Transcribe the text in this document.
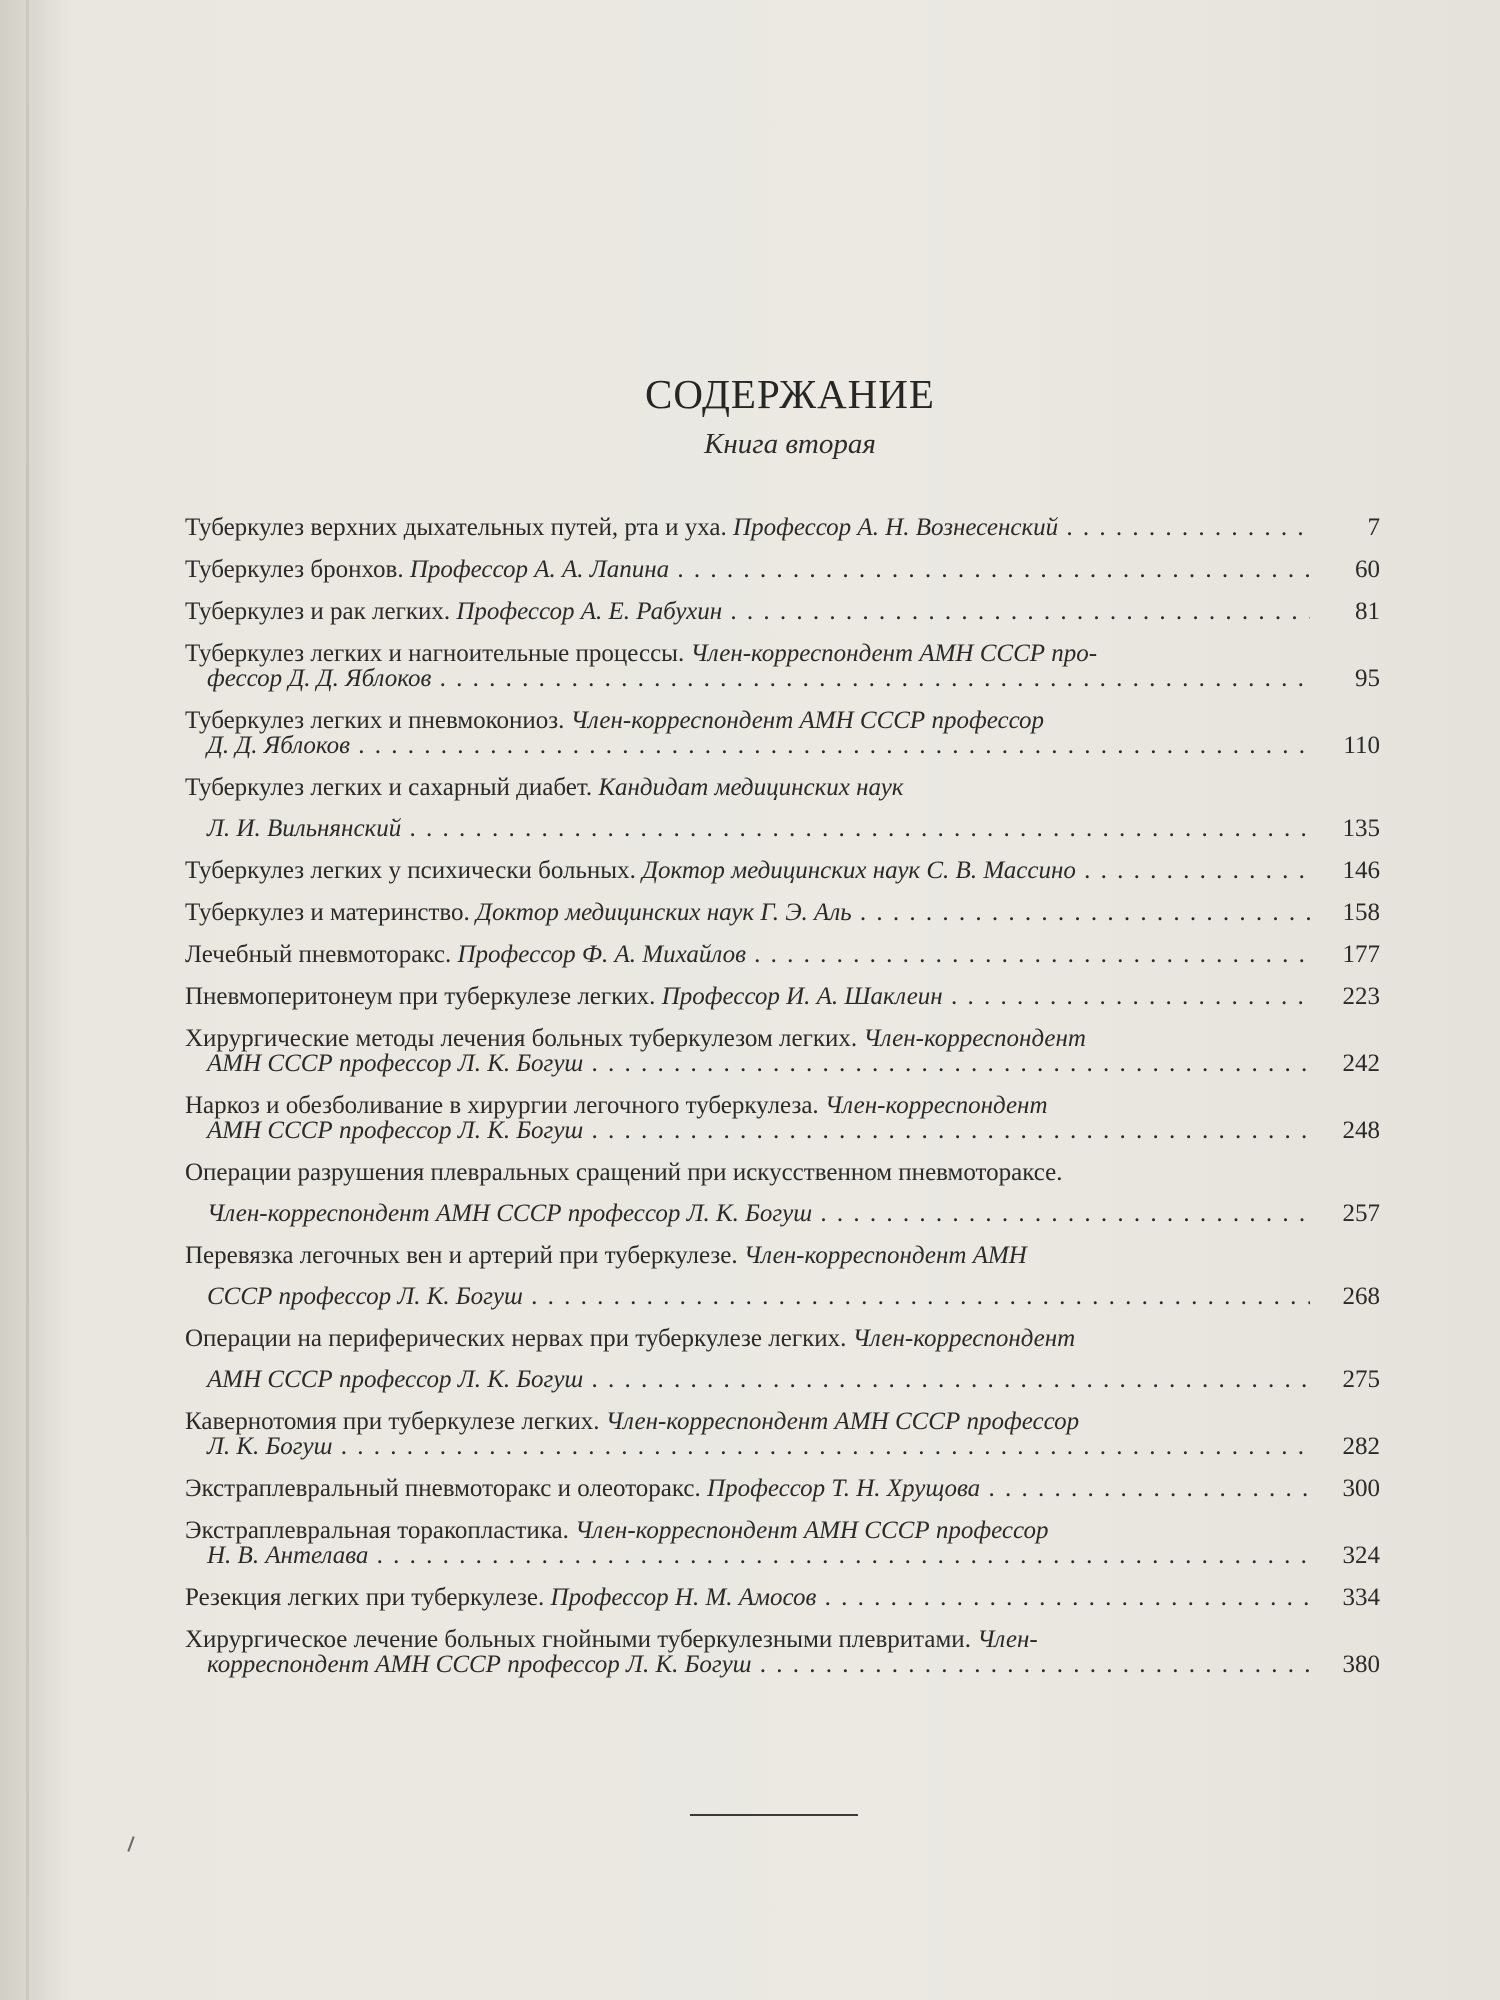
СОДЕРЖАНИЕ
Книга вторая
Туберкулез верхних дыхательных путей, рта и уха. Профессор А. Н. Вознесенский . . .	7
Туберкулез бронхов. Профессор А. А. Лапина . . .	60
Туберкулез и рак легких. Профессор А. Е. Рабухин . . .	81
Туберкулез легких и нагноительные процессы. Член-корреспондент АМН СССР про-
фессор Д. Д. Яблоков . . .	95
Туберкулез легких и пневмокониоз. Член-корреспондент АМН СССР профессор
Д. Д. Яблоков . . .	110
Туберкулез легких и сахарный диабет. Кандидат медицинских наук
Л. И. Вильнянский . . .	135
Туберкулез легких у психически больных. Доктор медицинских наук С. В. Массино . . .	146
Туберкулез и материнство. Доктор медицинских наук Г. Э. Аль . . .	158
Лечебный пневмоторакс. Профессор Ф. А. Михайлов . . .	177
Пневмоперитонеум при туберкулезе легких. Профессор И. А. Шаклеин . . .	223
Хирургические методы лечения больных туберкулезом легких. Член-корреспондент
АМН СССР профессор Л. К. Богуш . . .	242
Наркоз и обезболивание в хирургии легочного туберкулеза. Член-корреспондент
АМН СССР профессор Л. К. Богуш . . .	248
Операции разрушения плевральных сращений при искусственном пневмотораксе.
Член-корреспондент АМН СССР профессор Л. К. Богуш . . .	257
Перевязка легочных вен и артерий при туберкулезе. Член-корреспондент АМН
СССР профессор Л. К. Богуш . . .	268
Операции на периферических нервах при туберкулезе легких. Член-корреспондент
АМН СССР профессор Л. К. Богуш . . .	275
Кавернотомия при туберкулезе легких. Член-корреспондент АМН СССР профессор
Л. К. Богуш . . .	282
Экстраплевральный пневмоторакс и олеоторакс. Профессор Т. Н. Хрущова . . .	300
Экстраплевральная торакопластика. Член-корреспондент АМН СССР профессор
Н. В. Антелава . . .	324
Резекция легких при туберкулезе. Профессор Н. М. Амосов . . .	334
Хирургическое лечение больных гнойными туберкулезными плевритами. Член-
корреспондент АМН СССР профессор Л. К. Богуш . . .	380
